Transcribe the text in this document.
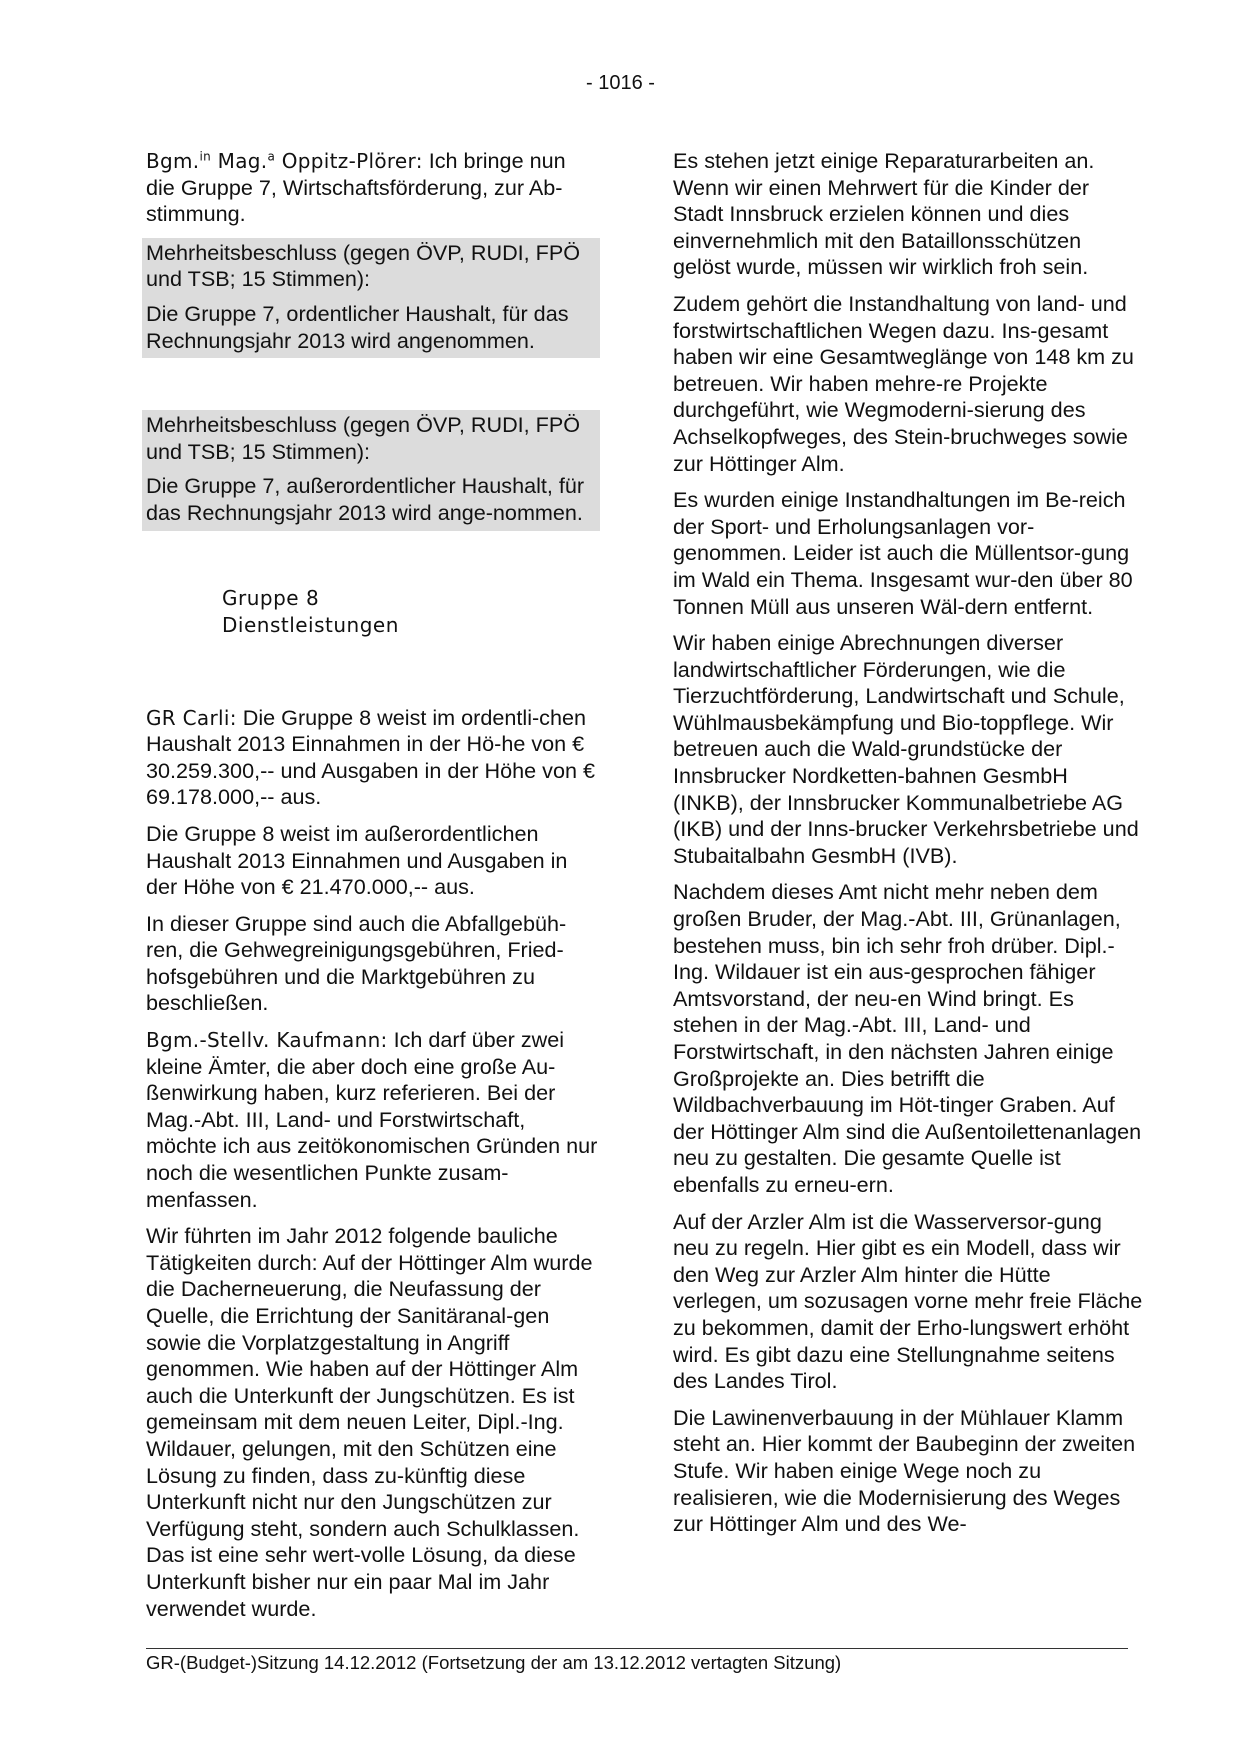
- 1016 -

Bgm.$^{in}$ Mag.$^a$ Oppitz-Plörer: Ich bringe nun die Gruppe 7, Wirtschaftsförderung, zur Ab-stimmung.

Mehrheitsbeschluss (gegen ÖVP, RUDI, FPÖ und TSB; 15 Stimmen):

Die Gruppe 7, ordentlicher Haushalt, für das Rechnungsjahr 2013 wird angenommen.

Mehrheitsbeschluss (gegen ÖVP, RUDI, FPÖ und TSB; 15 Stimmen):

Die Gruppe 7, außerordentlicher Haushalt, für das Rechnungsjahr 2013 wird ange-nommen.

Gruppe 8
Dienstleistungen

GR Carli: Die Gruppe 8 weist im ordentli-chen Haushalt 2013 Einnahmen in der Hö-he von € 30.259.300,-- und Ausgaben in der Höhe von € 69.178.000,-- aus.

Die Gruppe 8 weist im außerordentlichen Haushalt 2013 Einnahmen und Ausgaben in der Höhe von € 21.470.000,-- aus.

In dieser Gruppe sind auch die Abfallgebüh-ren, die Gehwegreinigungsgebühren, Fried-hofsgebühren und die Marktgebühren zu beschließen.

Bgm.-Stellv. Kaufmann: Ich darf über zwei kleine Ämter, die aber doch eine große Au-ßenwirkung haben, kurz referieren. Bei der Mag.-Abt. III, Land- und Forstwirtschaft, möchte ich aus zeitökonomischen Gründen nur noch die wesentlichen Punkte zusam-menfassen.

Wir führten im Jahr 2012 folgende bauliche Tätigkeiten durch: Auf der Höttinger Alm wurde die Dacherneuerung, die Neufassung der Quelle, die Errichtung der Sanitäranal-gen sowie die Vorplatzgestaltung in Angriff genommen. Wie haben auf der Höttinger Alm auch die Unterkunft der Jungschützen. Es ist gemeinsam mit dem neuen Leiter, Dipl.-Ing. Wildauer, gelungen, mit den Schützen eine Lösung zu finden, dass zu-künftig diese Unterkunft nicht nur den Jungschützen zur Verfügung steht, sondern auch Schulklassen. Das ist eine sehr wert-volle Lösung, da diese Unterkunft bisher nur ein paar Mal im Jahr verwendet wurde.

Es stehen jetzt einige Reparaturarbeiten an. Wenn wir einen Mehrwert für die Kinder der Stadt Innsbruck erzielen können und dies einvernehmlich mit den Bataillonsschützen gelöst wurde, müssen wir wirklich froh sein.

Zudem gehört die Instandhaltung von land- und forstwirtschaftlichen Wegen dazu. Ins-gesamt haben wir eine Gesamtweglänge von 148 km zu betreuen. Wir haben mehre-re Projekte durchgeführt, wie Wegmoderni-sierung des Achselkopfweges, des Stein-bruchweges sowie zur Höttinger Alm.

Es wurden einige Instandhaltungen im Be-reich der Sport- und Erholungsanlagen vor-genommen. Leider ist auch die Müllentsor-gung im Wald ein Thema. Insgesamt wur-den über 80 Tonnen Müll aus unseren Wäl-dern entfernt.

Wir haben einige Abrechnungen diverser landwirtschaftlicher Förderungen, wie die Tierzuchtförderung, Landwirtschaft und Schule, Wühlmausbekämpfung und Bio-toppflege. Wir betreuen auch die Wald-grundstücke der Innsbrucker Nordketten-bahnen GesmbH (INKB), der Innsbrucker Kommunalbetriebe AG (IKB) und der Inns-brucker Verkehrsbetriebe und Stubaitalbahn GesmbH (IVB).

Nachdem dieses Amt nicht mehr neben dem großen Bruder, der Mag.-Abt. III, Grünanlagen, bestehen muss, bin ich sehr froh drüber. Dipl.-Ing. Wildauer ist ein aus-gesprochen fähiger Amtsvorstand, der neu-en Wind bringt. Es stehen in der Mag.-Abt. III, Land- und Forstwirtschaft, in den nächsten Jahren einige Großprojekte an. Dies betrifft die Wildbachverbauung im Höt-tinger Graben. Auf der Höttinger Alm sind die Außentoilettenanlagen neu zu gestalten. Die gesamte Quelle ist ebenfalls zu erneu-ern.

Auf der Arzler Alm ist die Wasserversor-gung neu zu regeln. Hier gibt es ein Modell, dass wir den Weg zur Arzler Alm hinter die Hütte verlegen, um sozusagen vorne mehr freie Fläche zu bekommen, damit der Erho-lungswert erhöht wird. Es gibt dazu eine Stellungnahme seitens des Landes Tirol.

Die Lawinenverbauung in der Mühlauer Klamm steht an. Hier kommt der Baubeginn der zweiten Stufe. Wir haben einige Wege noch zu realisieren, wie die Modernisierung des Weges zur Höttinger Alm und des We-

GR-(Budget-)Sitzung 14.12.2012 (Fortsetzung der am 13.12.2012 vertagten Sitzung)
